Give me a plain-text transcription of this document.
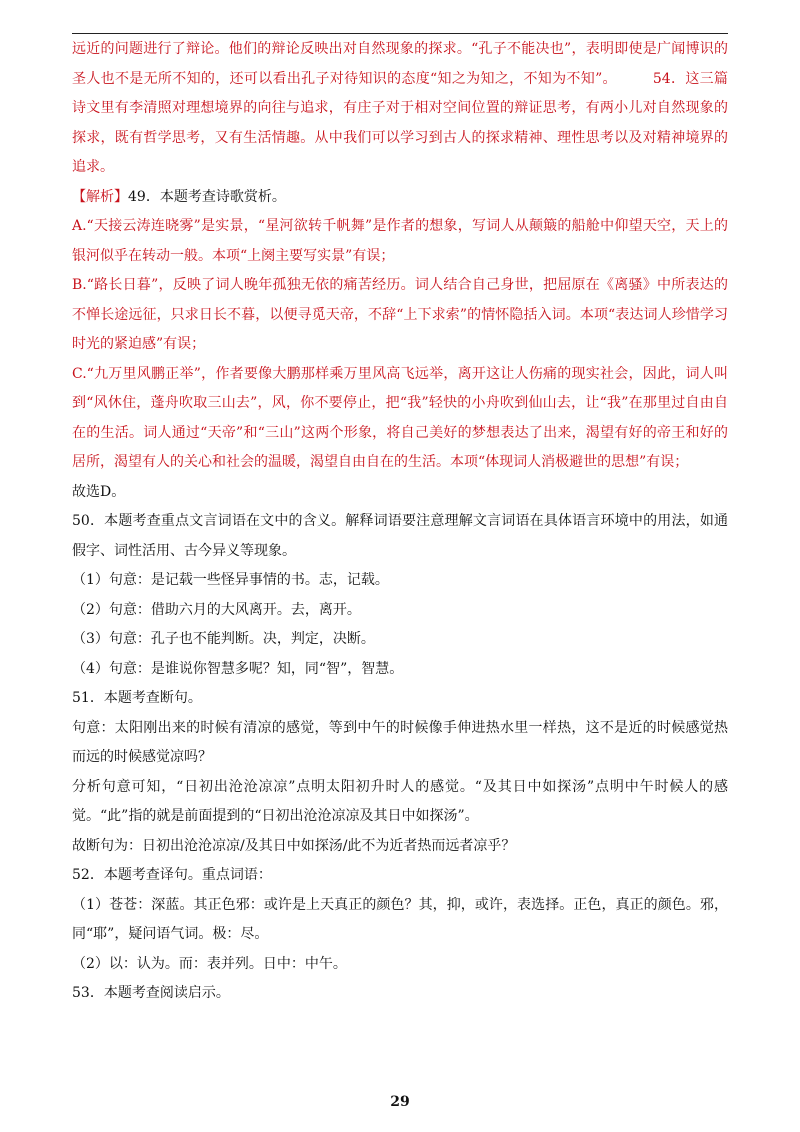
远近的问题进行了辩论。他们的辩论反映出对自然现象的探求。“孔子不能决也”，表明即使是广闻博识的圣人也不是无所不知的，还可以看出孔子对待知识的态度“知之为知之，不知为不知”。	54．这三篇诗文里有李清照对理想境界的向往与追求，有庄子对于相对空间位置的辩证思考，有两小儿对自然现象的探求，既有哲学思考，又有生活情趣。从中我们可以学习到古人的探求精神、理性思考以及对精神境界的追求。

【解析】49．本题考查诗歌赏析。

A.“天接云涛连晓雾”是实景，“星河欲转千帆舞”是作者的想象，写词人从颠簸的船舱中仰望天空，天上的银河似乎在转动一般。本项“上阕主要写实景”有误；

B.“路长日暮”，反映了词人晚年孤独无依的痛苦经历。词人结合自己身世，把屈原在《离骚》中所表达的不惮长途远征，只求日长不暮，以便寻觅天帝，不辞“上下求索”的情怀隐括入词。本项“表达词人珍惜学习时光的紧迫感”有误；

C.“九万里风鹏正举”，作者要像大鹏那样乘万里风高飞远举，离开这让人伤痛的现实社会，因此，词人叫到“风休住，蓬舟吹取三山去”，风，你不要停止，把“我”轻快的小舟吹到仙山去，让“我”在那里过自由自在的生活。词人通过“天帝”和“三山”这两个形象，将自己美好的梦想表达了出来，渴望有好的帝王和好的居所，渴望有人的关心和社会的温暖，渴望自由自在的生活。本项“体现词人消极避世的思想”有误；

故选D。

50．本题考查重点文言词语在文中的含义。解释词语要注意理解文言词语在具体语言环境中的用法，如通假字、词性活用、古今异义等现象。

（1）句意：是记载一些怪异事情的书。志，记载。

（2）句意：借助六月的大风离开。去，离开。

（3）句意：孔子也不能判断。决，判定，决断。

（4）句意：是谁说你智慧多呢？知，同“智”，智慧。

51．本题考查断句。

句意：太阳刚出来的时候有清凉的感觉，等到中午的时候像手伸进热水里一样热，这不是近的时候感觉热而远的时候感觉凉吗？

分析句意可知，“日初出沧沧凉凉”点明太阳初升时人的感觉。“及其日中如探汤”点明中午时候人的感觉。“此”指的就是前面提到的“日初出沧沧凉凉及其日中如探汤”。

故断句为：日初出沧沧凉凉/及其日中如探汤/此不为近者热而远者凉乎？

52．本题考查译句。重点词语：

（1）苍苍：深蓝。其正色邪：或许是上天真正的颜色？其，抑，或许，表选择。正色，真正的颜色。邪，同“耶”，疑问语气词。极：尽。

（2）以：认为。而：表并列。日中：中午。

53．本题考查阅读启示。

29
